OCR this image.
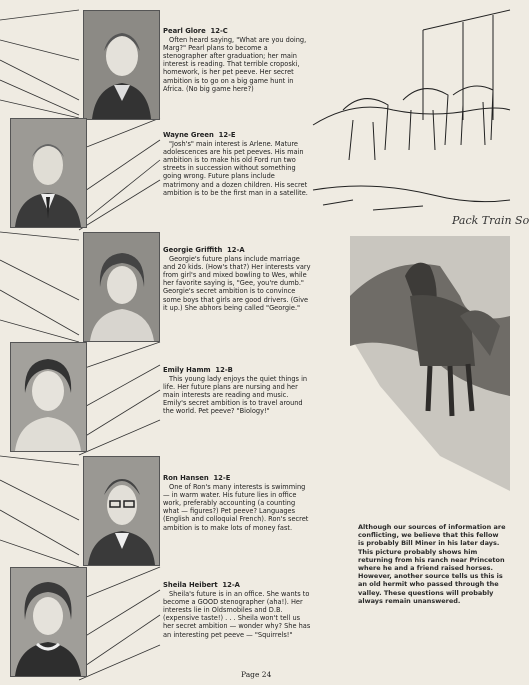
Pearl Glore 12-C

Often heard saying, "What are you doing, Marg?" Pearl plans to become a stenographer after graduation; her main interest is reading. That terrible croposki, homework, is her pet peeve. Her secret ambition is to go on a big game hunt in Africa. (No big game here?)

Wayne Green 12-E

"Josh's" main interest is Arlene. Mature adolescences are his pet peeves. His main ambition is to make his old Ford run two streets in succession without something going wrong. Future plans include matrimony and a dozen children. His secret ambition is to be the first man in a satellite.

Georgie Griffith 12-A

Georgie's future plans include marriage and 20 kids. (How's that?) Her interests vary from girl's and mixed bowling to Wes, while her favorite saying is, "Gee, you're dumb." Georgie's secret ambition is to convince some boys that girls are good drivers. (Give it up.) She abhors being called "Georgie."

Emily Hamm 12-B

This young lady enjoys the quiet things in life. Her future plans are nursing and her main interests are reading and music. Emily's secret ambition is to travel around the world. Pet peeve? "Biology!"

Ron Hansen 12-E

One of Ron's many interests is swimming — in warm water. His future lies in office work, preferably accounting (a counting what — figures?) Pet peeve? Languages (English and colloquial French). Ron's secret ambition is to make lots of money fast.

Sheila Heibert 12-A

Sheila's future is in an office. She wants to become a GOOD stenographer (aha!). Her interests lie in Oldsmobiles and D.B. (expensive taste!) . . . Sheila won't tell us her secret ambition — wonder why? She has an interesting pet peeve — "Squirrels!"

Page 24
Pack Train So
Although our sources of information are conflicting, we believe that this fellow is probably Bill Miner in his later days. This picture probably shows him returning from his ranch near Princeton where he and a friend raised horses. However, another source tells us this is an old hermit who passed through the valley. These questions will probably always remain unanswered.
